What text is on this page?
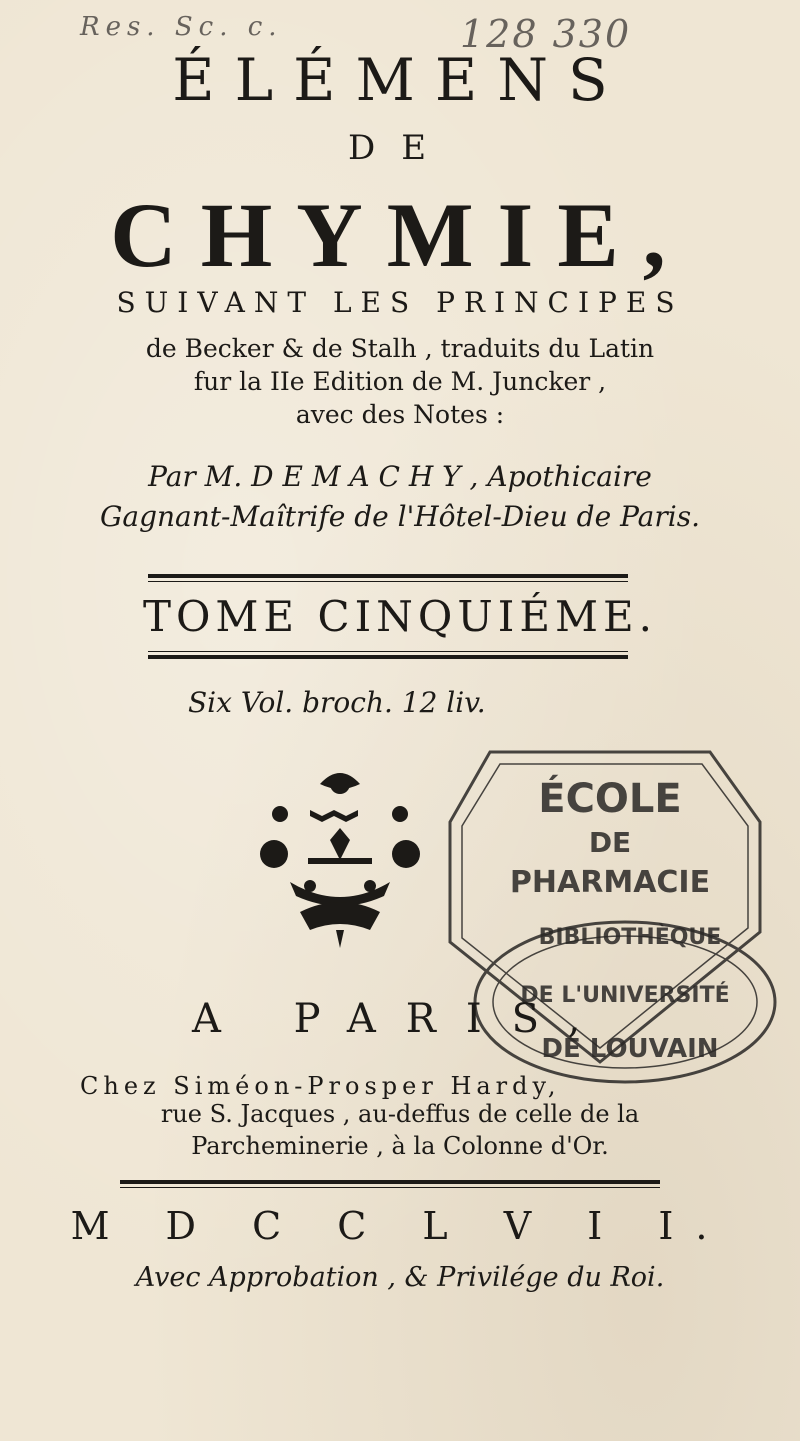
Res. Sc. c.	128 330
ÉLÉMENS
DE
CHYMIE,
SUIVANT LES PRINCIPES
de Becker & de Stalh , traduits du Latin
fur la IIe Edition de M. Juncker ,
avec des Notes :
Par M. D E M A C H Y , Apothicaire
Gagnant-Maîtrife de l'Hôtel-Dieu de Paris.
TOME CINQUIÉME.
Six Vol. broch. 12 liv.
ÉCOLE
DE
PHARMACIE
BIBLIOTHÈQUE
DE L'UNIVERSITÉ
DE LOUVAIN
A PARIS,
Chez Siméon-Prosper Hardy,
rue S. Jacques , au-deffus de celle de la
Parcheminerie , à la Colonne d'Or.
M D C C L V I I.
Avec Approbation , & Privilége du Roi.
